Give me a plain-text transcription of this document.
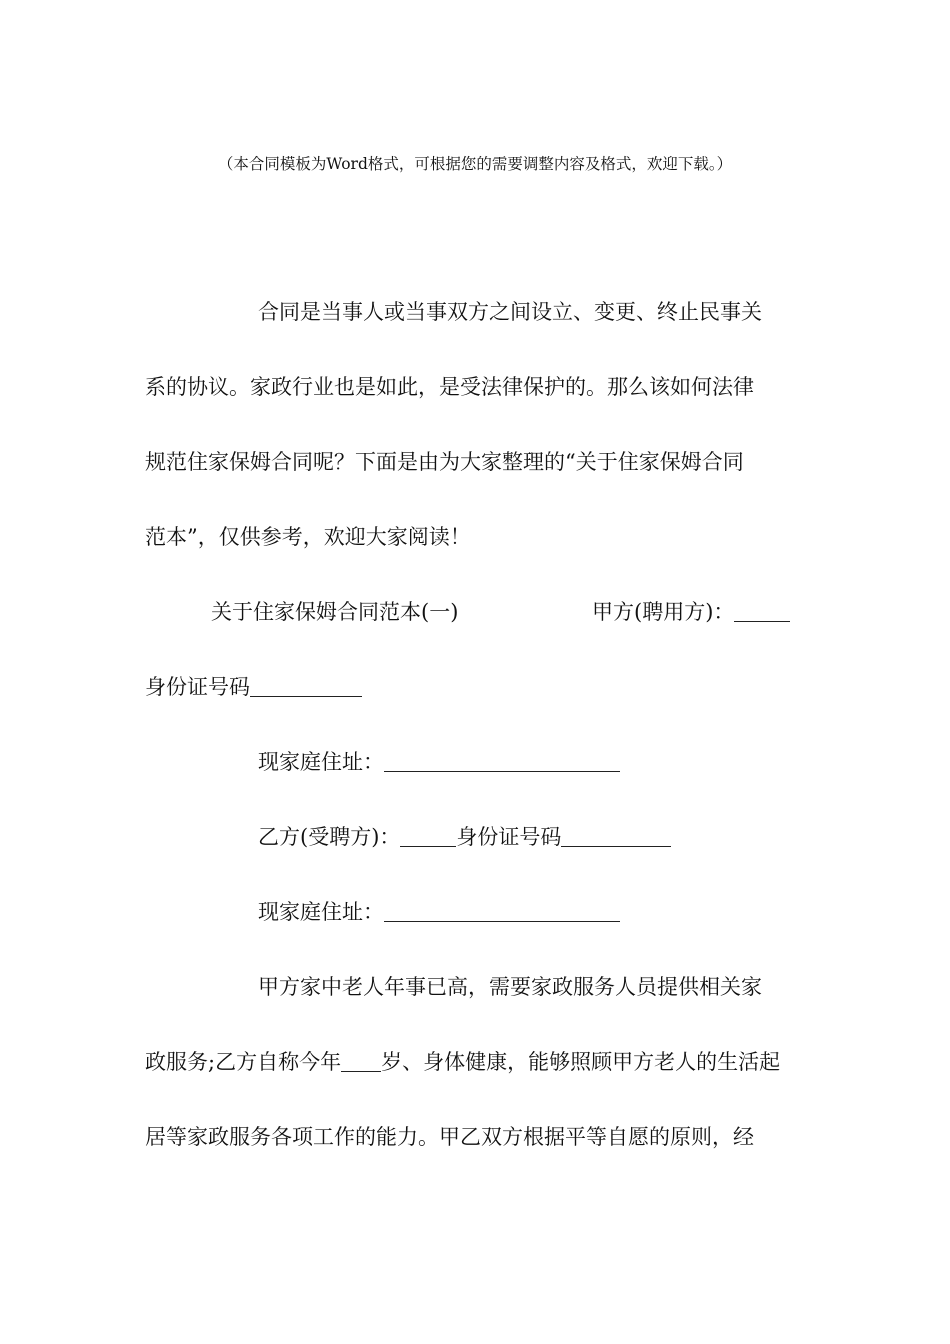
（本合同模板为Word格式，可根据您的需要调整内容及格式，欢迎下载。）
合同是当事人或当事双方之间设立、变更、终止民事关
系的协议。家政行业也是如此，是受法律保护的。那么该如何法律
规范住家保姆合同呢？下面是由为大家整理的“关于住家保姆合同
范本”，仅供参考，欢迎大家阅读！
关于住家保姆合同范本(一)	甲方(聘用方)：
身份证号码
现家庭住址：
乙方(受聘方)：	身份证号码
现家庭住址：
甲方家中老人年事已高，需要家政服务人员提供相关家
政服务;乙方自称今年 岁、身体健康，能够照顾甲方老人的生活起
居等家政服务各项工作的能力。甲乙双方根据平等自愿的原则，经
